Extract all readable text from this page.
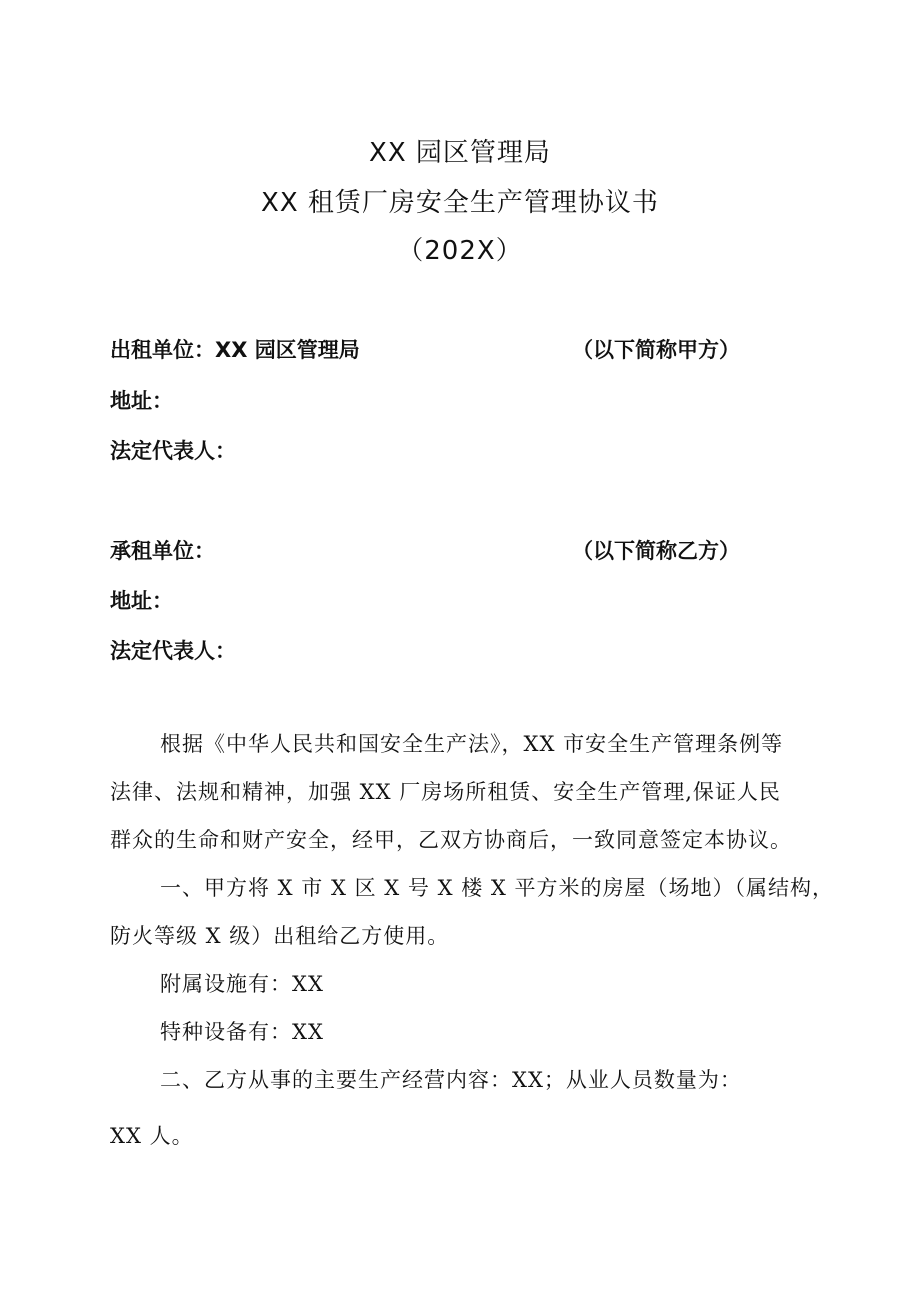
XX 园区管理局
XX 租赁厂房安全生产管理协议书
（202X）
出租单位：XX 园区管理局	（以下简称甲方）
地址：
法定代表人：
承租单位：	（以下简称乙方）
地址：
法定代表人：
根据《中华人民共和国安全生产法》，XX 市安全生产管理条例等
法律、法规和精神，加强 XX 厂房场所租赁、安全生产管理,保证人民
群众的生命和财产安全，经甲，乙双方协商后，一致同意签定本协议。
一、甲方将 X 市 X 区 X 号 X 楼 X 平方米的房屋（场地）（属结构，
防火等级 X 级）出租给乙方使用。
附属设施有：XX
特种设备有：XX
二、乙方从事的主要生产经营内容：XX；从业人员数量为：
XX 人。
